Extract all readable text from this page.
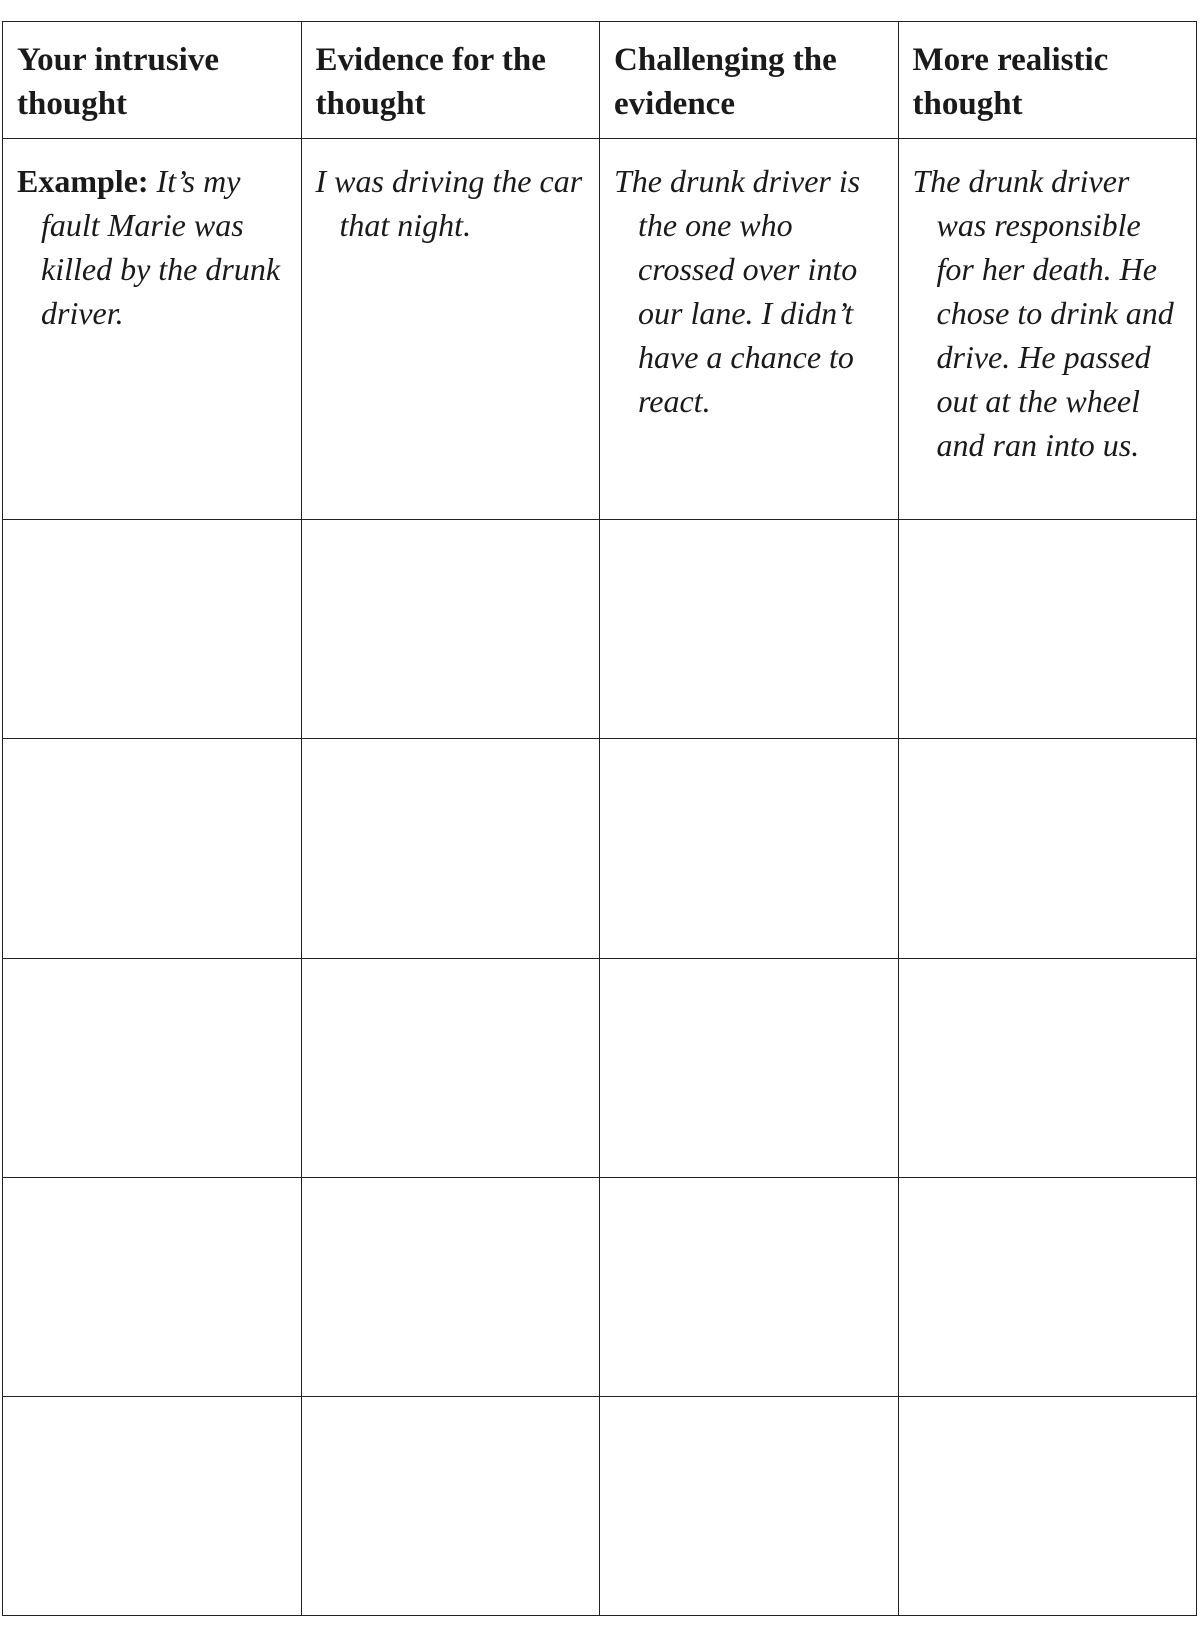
Your intrusive thought	Evidence for the thought	Challenging the evidence	More realistic thought

Example: It’s my fault Marie was killed by the drunk driver.	I was driving the car that night.	The drunk driver is the one who crossed over into our lane. I didn’t have a chance to react.	The drunk driver was responsible for her death. He chose to drink and drive. He passed out at the wheel and ran into us.
